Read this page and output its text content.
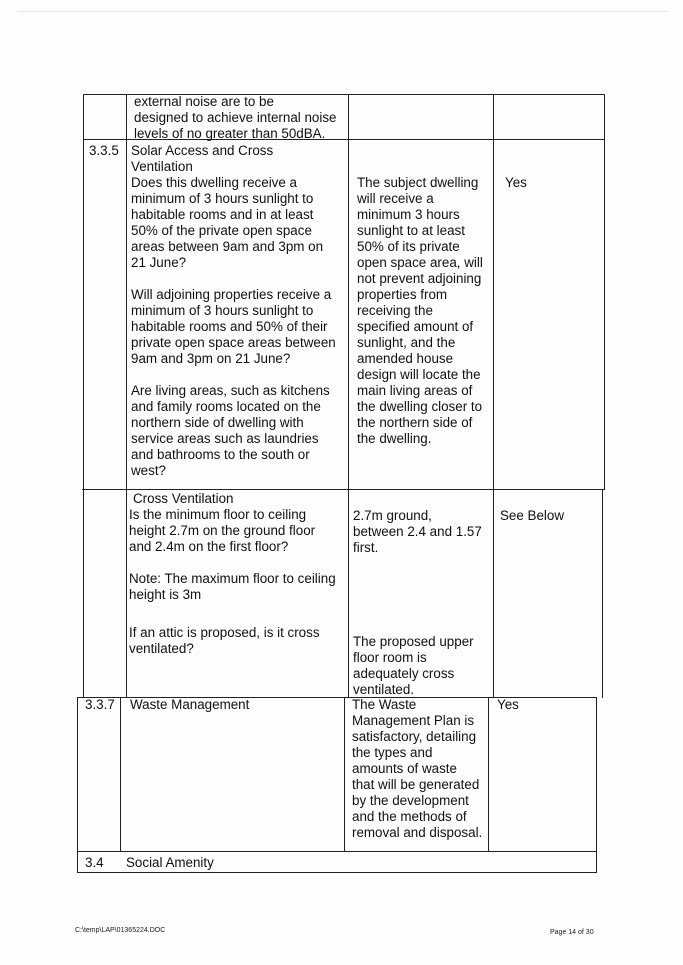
external noise are to be
designed to achieve internal noise
levels of no greater than 50dBA.
3.3.5 Solar Access and Cross
Ventilation
Does this dwelling receive a
minimum of 3 hours sunlight to
habitable rooms and in at least
50% of the private open space
areas between 9am and 3pm on
21 June?

Will adjoining properties receive a
minimum of 3 hours sunlight to
habitable rooms and 50% of their
private open space areas between
9am and 3pm on 21 June?

Are living areas, such as kitchens
and family rooms located on the
northern side of dwelling with
service areas such as laundries
and bathrooms to the south or
west?
The subject dwelling
will receive a
minimum 3 hours
sunlight to at least
50% of its private
open space area, will
not prevent adjoining
properties from
receiving the
specified amount of
sunlight, and the
amended house
design will locate the
main living areas of
the dwelling closer to
the northern side of
the dwelling.
Yes
Cross Ventilation
Is the minimum floor to ceiling
height 2.7m on the ground floor
and 2.4m on the first floor?

Note: The maximum floor to ceiling
height is 3m
If an attic is proposed, is it cross
ventilated?
2.7m ground,
between 2.4 and 1.57
first.
The proposed upper
floor room is
adequately cross
ventilated.
See Below
3.3.7 Waste Management	The Waste
Management Plan is
satisfactory, detailing
the types and
amounts of waste
that will be generated
by the development
and the methods of
removal and disposal.
Yes
3.4 Social Amenity
C:\temp\LAP\01365224.DOC	Page 14 of 30
